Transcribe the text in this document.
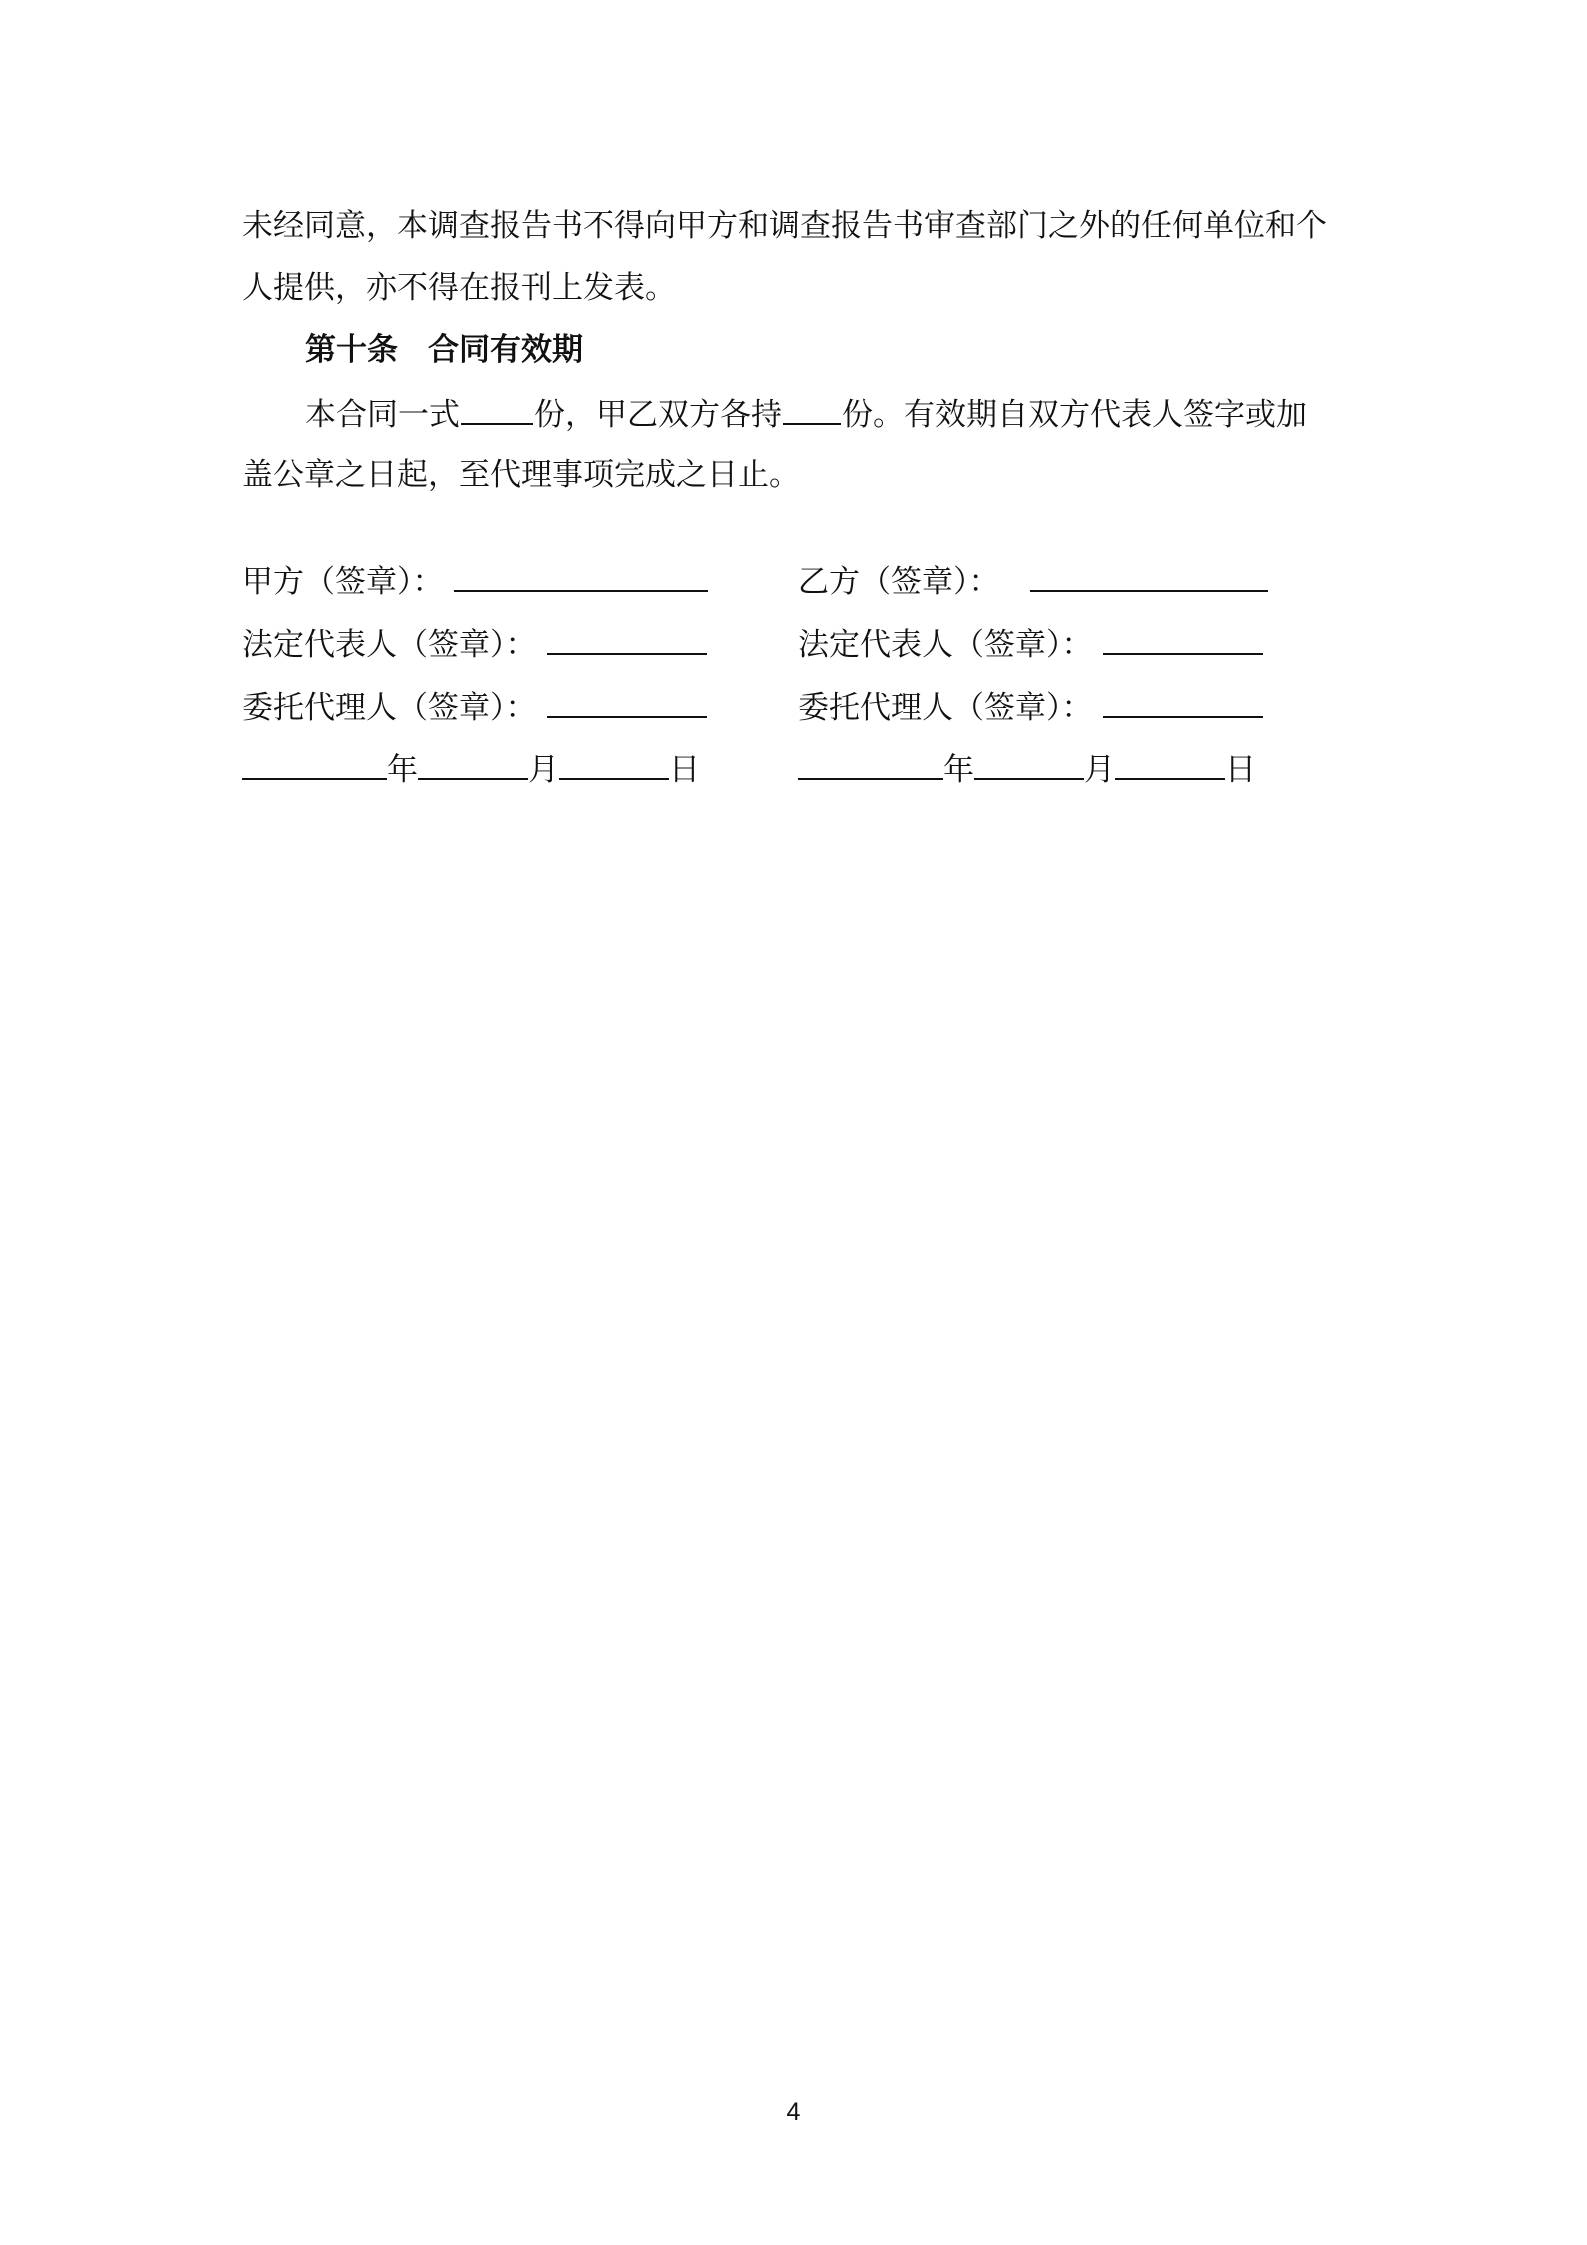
未经同意，本调查报告书不得向甲方和调查报告书审查部门之外的任何单位和个
人提供，亦不得在报刊上发表。
第十条 合同有效期
本合同一式 份，甲乙双方各持 份。有效期自双方代表人签字或加
盖公章之日起，至代理事项完成之日止。
甲方（签章）：
法定代表人（签章）：
委托代理人（签章）：
年	月	日
乙方（签章）：
法定代表人（签章）：
委托代理人（签章）：
年	月	日
4
